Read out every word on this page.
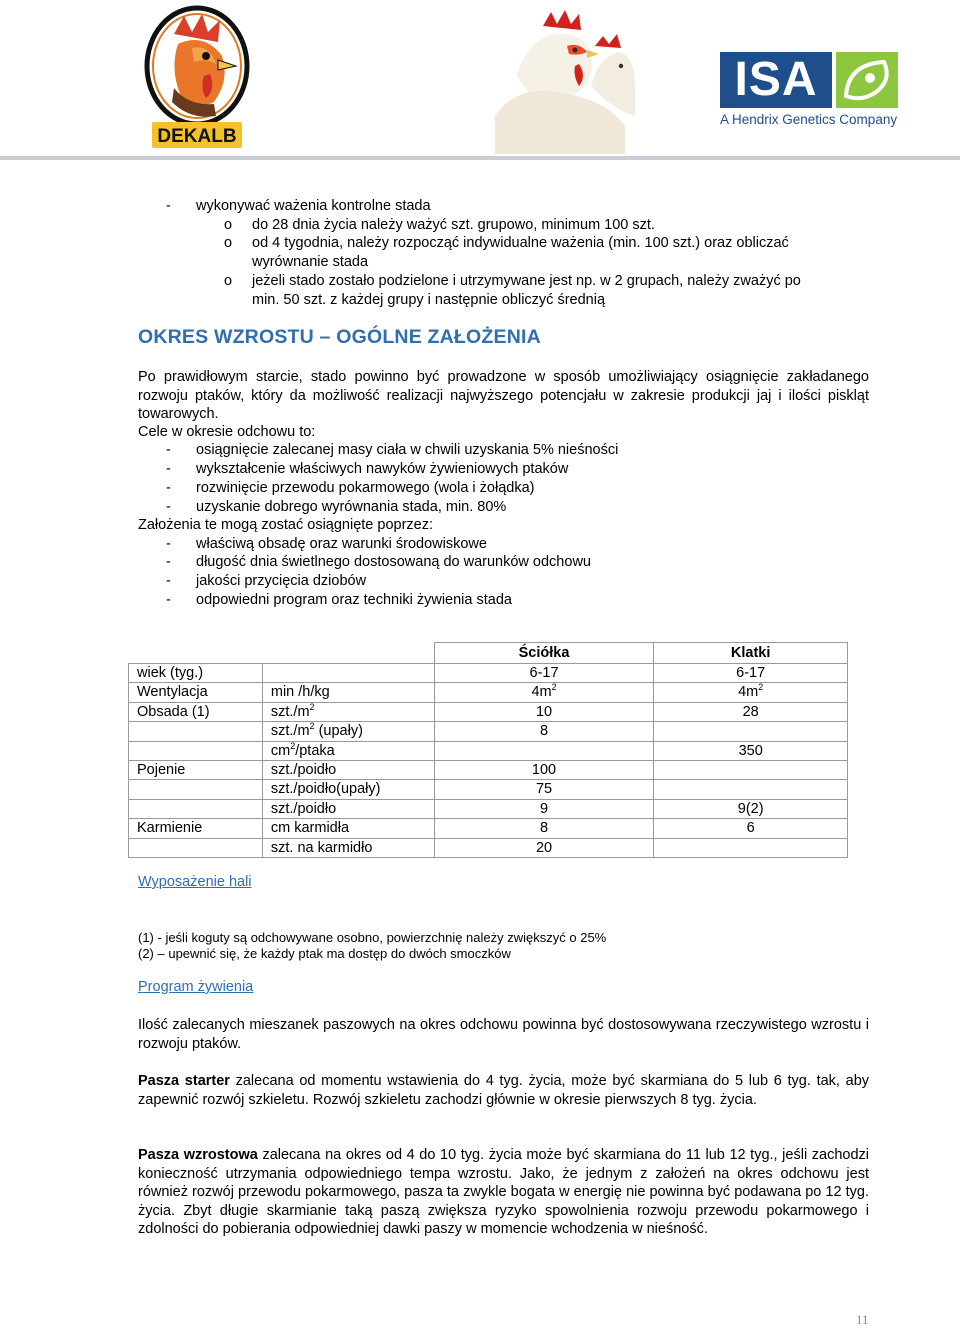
DEKALB
ISA
A Hendrix Genetics Company
- wykonywać ważenia kontrolne stada
o do 28 dnia życia należy ważyć szt. grupowo, minimum 100 szt.
o od 4 tygodnia, należy rozpocząć indywidualne ważenia (min. 100 szt.) oraz obliczać
wyrównanie stada
o jeżeli stado zostało podzielone i utrzymywane jest np. w 2 grupach, należy zważyć po
min. 50 szt. z każdej grupy i następnie obliczyć średnią
OKRES WZROSTU – OGÓLNE ZAŁOŻENIA
Po prawidłowym starcie, stado powinno być prowadzone w sposób umożliwiający osiągnięcie zakładanego rozwoju ptaków, który da możliwość realizacji najwyższego potencjału w zakresie produkcji jaj i ilości piskląt towarowych.
Cele w okresie odchowu to:
- osiągnięcie zalecanej masy ciała w chwili uzyskania 5% nieśności
- wykształcenie właściwych nawyków żywieniowych ptaków
- rozwinięcie przewodu pokarmowego (wola i żołądka)
- uzyskanie dobrego wyrównania stada, min. 80%
Założenia te mogą zostać osiągnięte poprzez:
- właściwą obsadę oraz warunki środowiskowe
- długość dnia świetlnego dostosowaną do warunków odchowu
- jakości przycięcia dziobów
- odpowiedni program oraz techniki żywienia stada
		Ściółka	Klatki
wiek (tyg.)		6-17	6-17
Wentylacja	min /h/kg	$4m^2$	$4m^2$
Obsada (1)	$szt./m^2$	10	28
	$szt./m^2$ (upały)	8	
	$cm^2$/ptaka		350
Pojenie	szt./poidło	100	
	szt./poidło(upały)	75	
	szt./poidło	9	9(2)
Karmienie	cm karmidła	8	6
	szt. na karmidło	20	
Wyposażenie hali
(1) - jeśli koguty są odchowywane osobno, powierzchnię należy zwiększyć o 25%
(2) – upewnić się, że każdy ptak ma dostęp do dwóch smoczków
Program żywienia
Ilość zalecanych mieszanek paszowych na okres odchowu powinna być dostosowywana rzeczywistego wzrostu i rozwoju ptaków.
Pasza starter zalecana od momentu wstawienia do 4 tyg. życia, może być skarmiana do 5 lub 6 tyg. tak, aby zapewnić rozwój szkieletu. Rozwój szkieletu zachodzi głównie w okresie pierwszych 8 tyg. życia.
Pasza wzrostowa zalecana na okres od 4 do 10 tyg. życia może być skarmiana do 11 lub 12 tyg., jeśli zachodzi konieczność utrzymania odpowiedniego tempa wzrostu. Jako, że jednym z założeń na okres odchowu jest również rozwój przewodu pokarmowego, pasza ta zwykle bogata w energię nie powinna być podawana po 12 tyg. życia. Zbyt długie skarmianie taką paszą zwiększa ryzyko spowolnienia rozwoju przewodu pokarmowego i zdolności do pobierania odpowiedniej dawki paszy w momencie wchodzenia w nieśność.
11
